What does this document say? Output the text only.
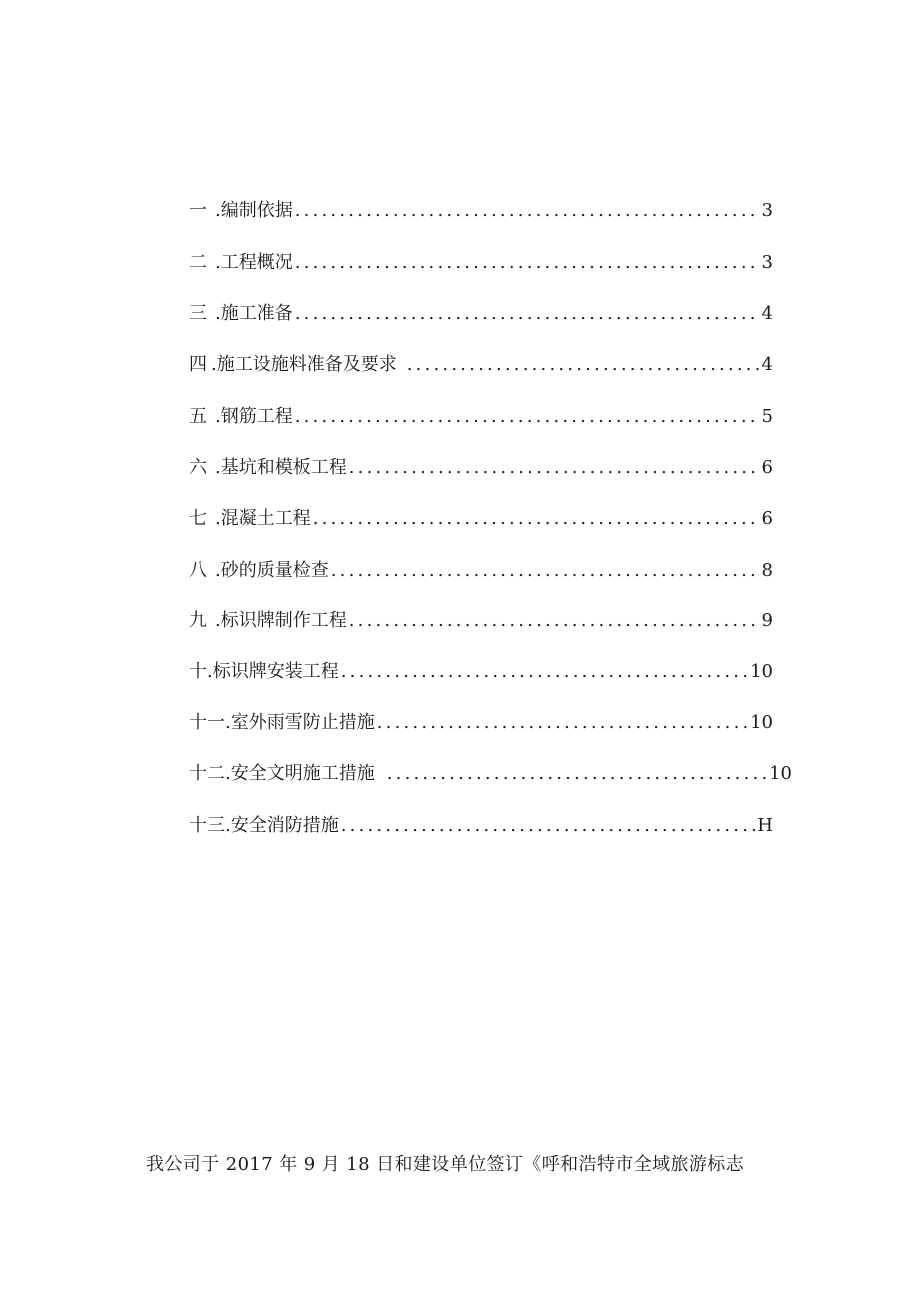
一 . 编制依据 .....	3
二 . 工程概况 .....	3
三 . 施工准备 .....	4
四 . 施工设施料准备及要求 .....	4
五 . 钢筋工程 .....	5
六 . 基坑和模板工程 .....	6
七 . 混凝土工程 .....	6
八 . 砂的质量检查 .....	8
九 . 标识牌制作工程 .....	9
十 . 标识牌安装工程 .....	10
十一 . 室外雨雪防止措施 .....	10
十二 . 安全文明施工措施 .....	10
十三 . 安全消防措施 .....	H
我公司于 2017 年 9 月 18 日和建设单位签订《呼和浩特市全域旅游标志
